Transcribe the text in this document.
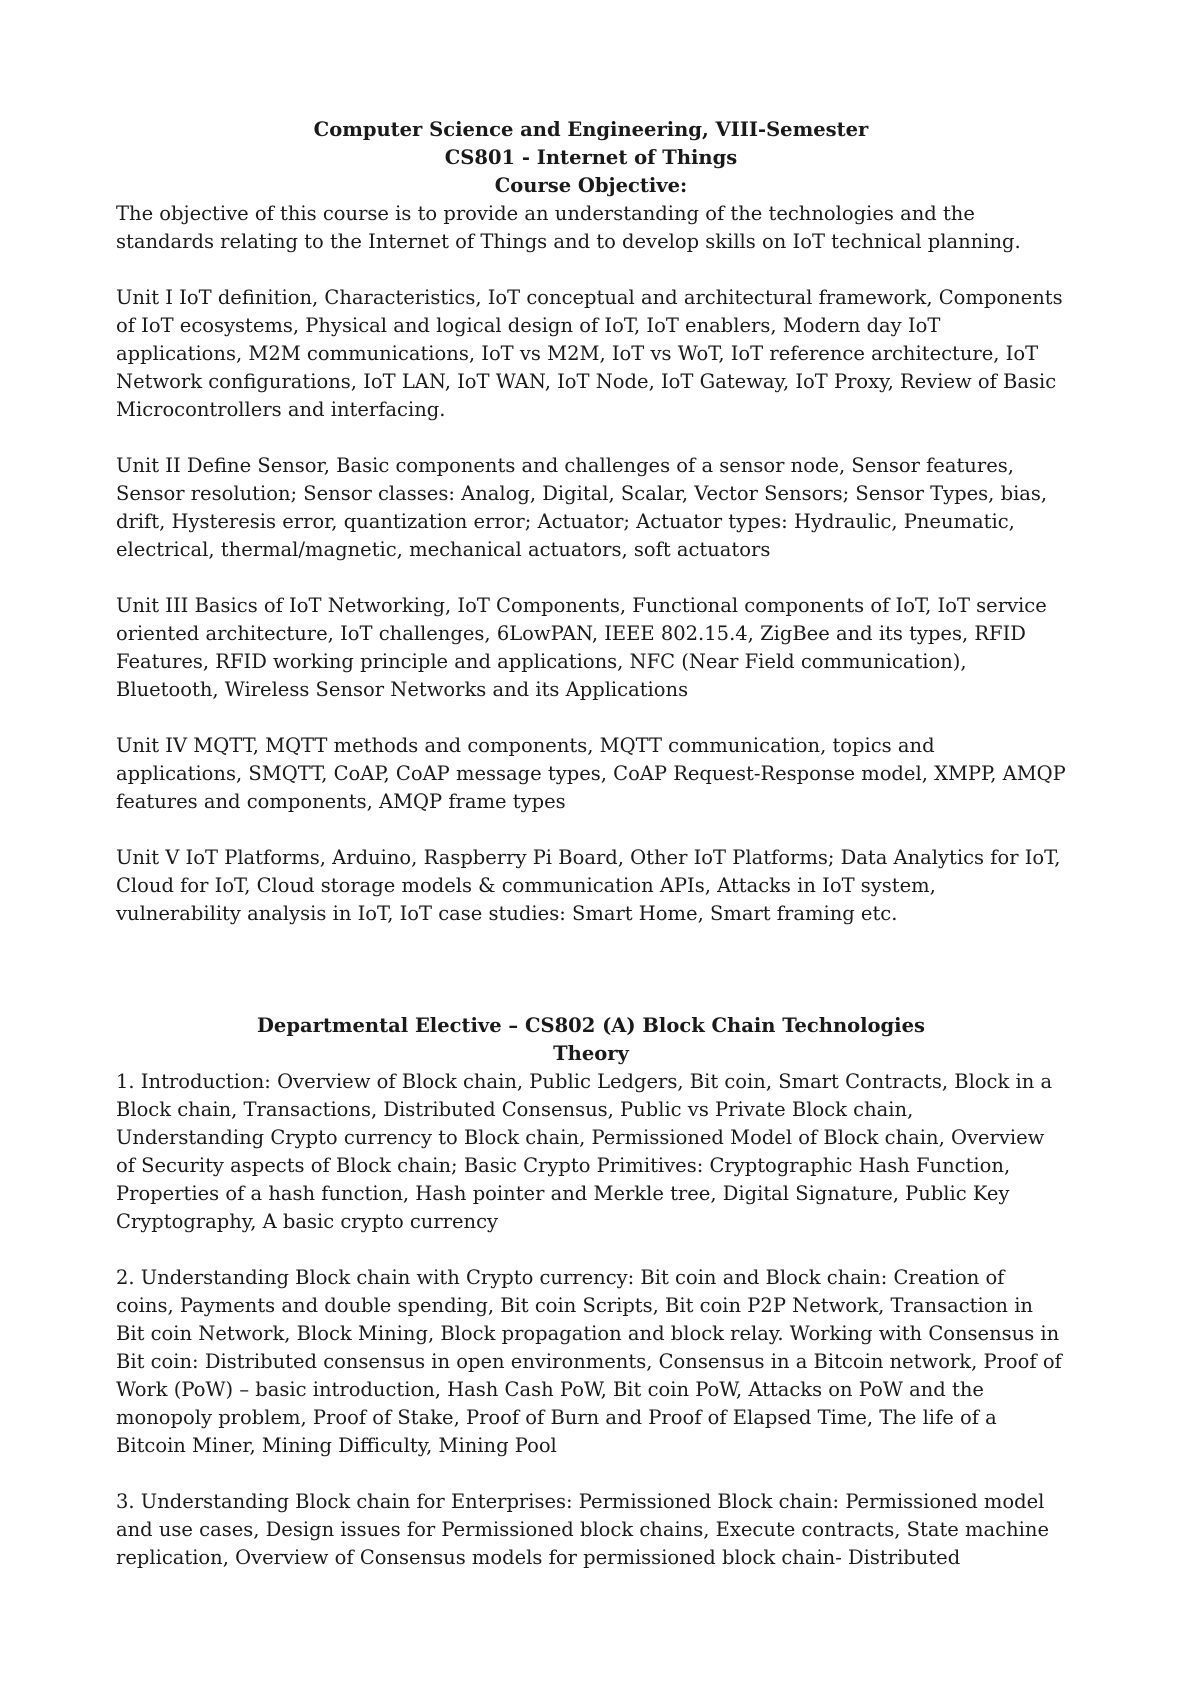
Computer Science and Engineering, VIII-Semester

CS801 - Internet of Things

Course Objective:

The objective of this course is to provide an understanding of the technologies and the standards relating to the Internet of Things and to develop skills on IoT technical planning.

Unit I IoT definition, Characteristics, IoT conceptual and architectural framework, Components of IoT ecosystems, Physical and logical design of IoT, IoT enablers, Modern day IoT applications, M2M communications, IoT vs M2M, IoT vs WoT, IoT reference architecture, IoT Network configurations, IoT LAN, IoT WAN, IoT Node, IoT Gateway, IoT Proxy, Review of Basic Microcontrollers and interfacing.

Unit II Define Sensor, Basic components and challenges of a sensor node, Sensor features, Sensor resolution; Sensor classes: Analog, Digital, Scalar, Vector Sensors; Sensor Types, bias, drift, Hysteresis error, quantization error; Actuator; Actuator types: Hydraulic, Pneumatic, electrical, thermal/magnetic, mechanical actuators, soft actuators

Unit III Basics of IoT Networking, IoT Components, Functional components of IoT, IoT service oriented architecture, IoT challenges, 6LowPAN, IEEE 802.15.4, ZigBee and its types, RFID Features, RFID working principle and applications, NFC (Near Field communication), Bluetooth, Wireless Sensor Networks and its Applications

Unit IV MQTT, MQTT methods and components, MQTT communication, topics and applications, SMQTT, CoAP, CoAP message types, CoAP Request-Response model, XMPP, AMQP features and components, AMQP frame types

Unit V IoT Platforms, Arduino, Raspberry Pi Board, Other IoT Platforms; Data Analytics for IoT, Cloud for IoT, Cloud storage models & communication APIs, Attacks in IoT system, vulnerability analysis in IoT, IoT case studies: Smart Home, Smart framing etc.

Departmental Elective – CS802 (A) Block Chain Technologies

Theory

1. Introduction: Overview of Block chain, Public Ledgers, Bit coin, Smart Contracts, Block in a Block chain, Transactions, Distributed Consensus, Public vs Private Block chain, Understanding Crypto currency to Block chain, Permissioned Model of Block chain, Overview of Security aspects of Block chain; Basic Crypto Primitives: Cryptographic Hash Function, Properties of a hash function, Hash pointer and Merkle tree, Digital Signature, Public Key Cryptography, A basic crypto currency

2. Understanding Block chain with Crypto currency: Bit coin and Block chain: Creation of coins, Payments and double spending, Bit coin Scripts, Bit coin P2P Network, Transaction in Bit coin Network, Block Mining, Block propagation and block relay. Working with Consensus in Bit coin: Distributed consensus in open environments, Consensus in a Bitcoin network, Proof of Work (PoW) – basic introduction, Hash Cash PoW, Bit coin PoW, Attacks on PoW and the monopoly problem, Proof of Stake, Proof of Burn and Proof of Elapsed Time, The life of a Bitcoin Miner, Mining Difficulty, Mining Pool

3. Understanding Block chain for Enterprises: Permissioned Block chain: Permissioned model and use cases, Design issues for Permissioned block chains, Execute contracts, State machine replication, Overview of Consensus models for permissioned block chain- Distributed
